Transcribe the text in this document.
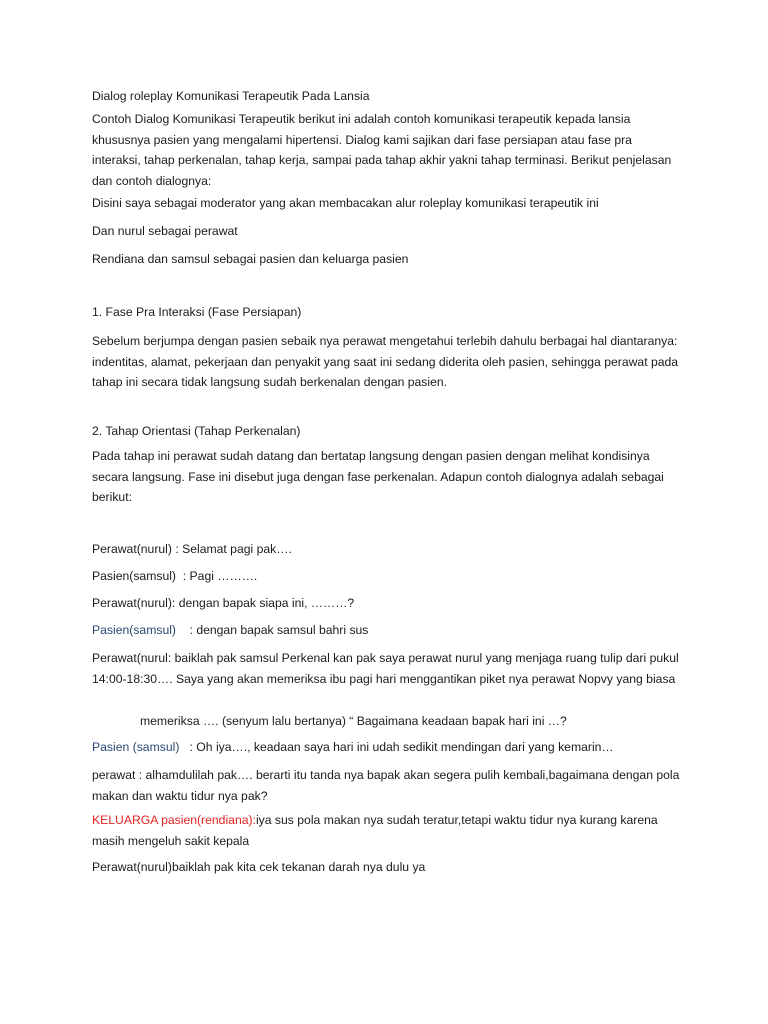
Dialog roleplay Komunikasi Terapeutik Pada Lansia

Contoh Dialog Komunikasi Terapeutik berikut ini adalah contoh komunikasi terapeutik kepada lansia khususnya pasien yang mengalami hipertensi. Dialog kami sajikan dari fase persiapan atau fase pra interaksi, tahap perkenalan, tahap kerja, sampai pada tahap akhir yakni tahap terminasi. Berikut penjelasan dan contoh dialognya:

Disini saya sebagai moderator yang akan membacakan alur roleplay komunikasi terapeutik ini

Dan nurul sebagai perawat

Rendiana dan samsul sebagai pasien dan keluarga pasien

1. Fase Pra Interaksi (Fase Persiapan)

Sebelum berjumpa dengan pasien sebaik nya perawat mengetahui terlebih dahulu berbagai hal diantaranya: indentitas, alamat, pekerjaan dan penyakit yang saat ini sedang diderita oleh pasien, sehingga perawat pada tahap ini secara tidak langsung sudah berkenalan dengan pasien.

2. Tahap Orientasi (Tahap Perkenalan)

Pada tahap ini perawat sudah datang dan bertatap langsung dengan pasien dengan melihat kondisinya secara langsung. Fase ini disebut juga dengan fase perkenalan. Adapun contoh dialognya adalah sebagai berikut:

Perawat(nurul) : Selamat pagi pak….

Pasien(samsul)  : Pagi ……….

Perawat(nurul): dengan bapak siapa ini, ………?

Pasien(samsul)    : dengan bapak samsul bahri sus

Perawat(nurul: baiklah pak samsul Perkenal kan pak saya perawat nurul yang menjaga ruang tulip dari pukul 14:00-18:30…. Saya yang akan memeriksa ibu pagi hari menggantikan piket nya perawat Nopvy yang biasa

memeriksa …. (senyum lalu bertanya) “ Bagaimana keadaan bapak hari ini …?

Pasien (samsul)   : Oh iya…., keadaan saya hari ini udah sedikit mendingan dari yang kemarin…

perawat : alhamdulilah pak…. berarti itu tanda nya bapak akan segera pulih kembali,bagaimana dengan pola makan dan waktu tidur nya pak?

KELUARGA pasien(rendiana):iya sus pola makan nya sudah teratur,tetapi waktu tidur nya kurang karena masih mengeluh sakit kepala

Perawat(nurul)baiklah pak kita cek tekanan darah nya dulu ya
